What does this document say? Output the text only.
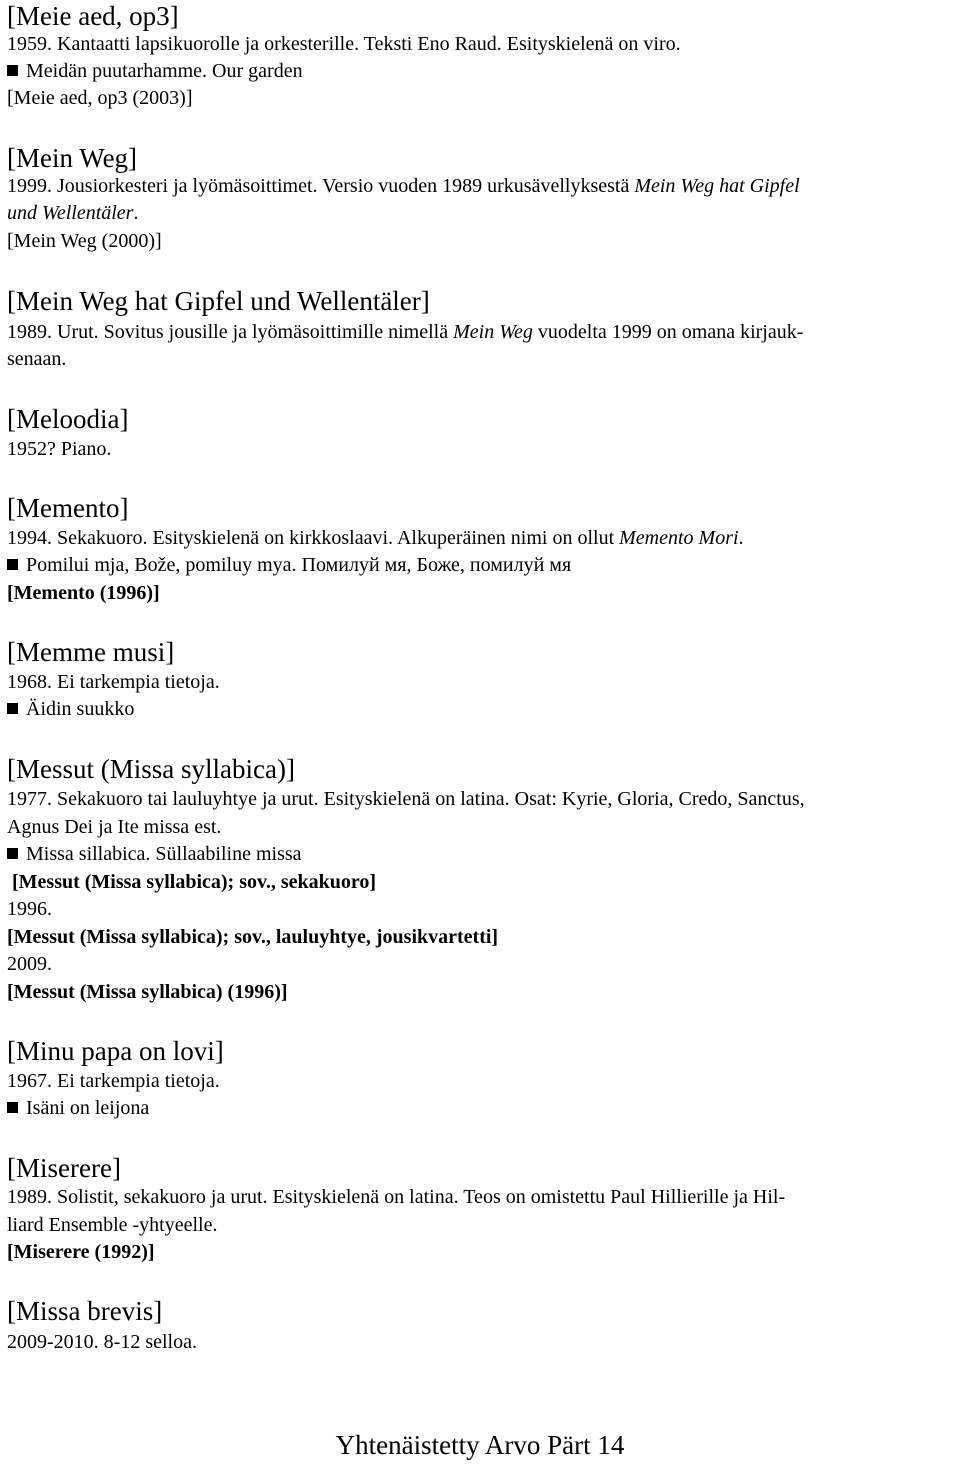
[Meie aed, op3]
1959. Kantaatti lapsikuorolle ja orkesterille. Teksti Eno Raud. Esityskielenä on viro.
Meidän puutarhamme. Our garden
[Meie aed, op3 (2003)]
[Mein Weg]
1999. Jousiorkesteri ja lyömäsoittimet. Versio vuoden 1989 urkusävellyksestä Mein Weg hat Gipfel
und Wellentäler.
[Mein Weg (2000)]
[Mein Weg hat Gipfel und Wellentäler]
1989. Urut. Sovitus jousille ja lyömäsoittimille nimellä Mein Weg vuodelta 1999 on omana kirjauk-
senaan.
[Meloodia]
1952? Piano.
[Memento]
1994. Sekakuoro. Esityskielenä on kirkkoslaavi. Alkuperäinen nimi on ollut Memento Mori.
Pomilui mja, Bože, pomiluy mya. Помилуй мя, Боже, помилуй мя
[Memento (1996)]
[Memme musi]
1968. Ei tarkempia tietoja.
Äidin suukko
[Messut (Missa syllabica)]
1977. Sekakuoro tai lauluyhtye ja urut. Esityskielenä on latina. Osat: Kyrie, Gloria, Credo, Sanctus,
Agnus Dei ja Ite missa est.
Missa sillabica. Süllaabiline missa
[Messut (Missa syllabica); sov., sekakuoro]
1996.
[Messut (Missa syllabica); sov., lauluyhtye, jousikvartetti]
2009.
[Messut (Missa syllabica) (1996)]
[Minu papa on lovi]
1967. Ei tarkempia tietoja.
Isäni on leijona
[Miserere]
1989. Solistit, sekakuoro ja urut. Esityskielenä on latina. Teos on omistettu Paul Hillierille ja Hil-
liard Ensemble -yhtyeelle.
[Miserere (1992)]
[Missa brevis]
2009-2010. 8-12 selloa.
Yhtenäistetty Arvo Pärt 14
